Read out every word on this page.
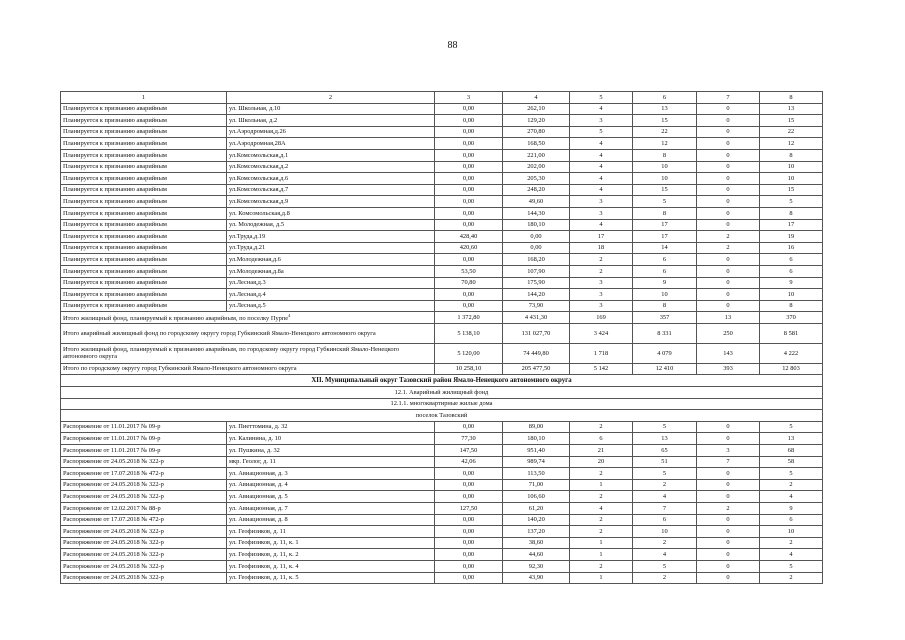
88
1	2	3	4	5	6	7	8
Планируется к признанию аварийным	ул. Школьная, д.10	0,00	262,10	4	13	0	13
Планируется к признанию аварийным	ул. Школьная, д.2	0,00	129,20	3	15	0	15
Планируется к признанию аварийным	ул.Аэродромная,д.26	0,00	270,80	5	22	0	22
Планируется к признанию аварийным	ул.Аэродромная,28А	0,00	168,50	4	12	0	12
Планируется к признанию аварийным	ул.Комсомольская,д.1	0,00	221,00	4	8	0	8
Планируется к признанию аварийным	ул.Комсомольская,д.2	0,00	202,00	4	10	0	10
Планируется к признанию аварийным	ул.Комсомольская,д.6	0,00	205,30	4	10	0	10
Планируется к признанию аварийным	ул.Комсомольская,д.7	0,00	248,20	4	15	0	15
Планируется к признанию аварийным	ул.Комсомольская,д.9	0,00	49,60	3	5	0	5
Планируется к признанию аварийным	ул. Комсомольская,д.8	0,00	144,30	3	8	0	8
Планируется к признанию аварийным	ул. Молодежная, д.5	0,00	180,10	4	17	0	17
Планируется к признанию аварийным	ул.Труда,д.19	428,40	0,00	17	17	2	19
Планируется к признанию аварийным	ул.Труда,д.21	420,60	0,00	18	14	2	16
Планируется к признанию аварийным	ул.Молодежная,д.6	0,00	168,20	2	6	0	6
Планируется к признанию аварийным	ул.Молодежная,д.8а	53,50	107,90	2	6	0	6
Планируется к признанию аварийным	ул.Лесная,д.3	70,80	175,90	3	9	0	9
Планируется к признанию аварийным	ул.Лесная,д.4	0,00	144,20	3	10	0	10
Планируется к признанию аварийным	ул.Лесная,д.5	0,00	73,90	3	8	0	8
Итого жилищный фонд, планируемый к признанию аварийным, по поселку Пурпе$^4$		1 372,80	4 431,30	169	357	13	370
Итого аварийный жилищный фонд по городскому округу город Губкинский Ямало-Ненецкого автономного округа		5 138,10	131 027,70	3 424	8 331	250	8 581
Итого жилищный фонд, планируемый к признанию аварийным, по городскому округу город Губкинский Ямало-Ненецкого автономного округа		5 120,00	74 449,80	1 718	4 079	143	4 222
Итого по городскому округу город Губкинский Ямало-Ненецкого автономного округа		10 258,10	205 477,50	5 142	12 410	393	12 803
XII. Муниципальный округ Тазовский район Ямало-Ненецкого автономного округа							
12.1. Аварийный жилищный фонд							
12.1.1. многоквартирные жилые дома							
поселок Тазовский							
Распоряжение от 11.01.2017 № 09-р	ул. Пиеттомина, д. 32	0,00	89,00	2	5	0	5
Распоряжение от 11.01.2017 № 09-р	ул. Калинина, д. 10	77,30	180,10	6	13	0	13
Распоряжение от 11.01.2017 № 09-р	ул. Пушкина, д. 32	147,50	951,40	21	65	3	68
Распоряжение от 24.05.2018 № 322-р	мкр. Геолог, д. 11	42,06	989,74	20	51	7	58
Распоряжение от 17.07.2018 № 472-р	ул. Авиационная, д. 3	0,00	113,50	2	5	0	5
Распоряжение от 24.05.2018 № 322-р	ул. Авиационная, д. 4	0,00	71,00	1	2	0	2
Распоряжение от 24.05.2018 № 322-р	ул. Авиационная, д. 5	0,00	106,60	2	4	0	4
Распоряжение от 12.02.2017 № 88-р	ул. Авиационная, д. 7	127,50	61,20	4	7	2	9
Распоряжение от 17.07.2018 № 472-р	ул. Авиационная, д. 8	0,00	140,20	2	6	0	6
Распоряжение от 24.05.2018 № 322-р	ул. Геофизиков, д. 11	0,00	137,20	2	10	0	10
Распоряжение от 24.05.2018 № 322-р	ул. Геофизиков, д. 11, к. 1	0,00	38,60	1	2	0	2
Распоряжение от 24.05.2018 № 322-р	ул. Геофизиков, д. 11, к. 2	0,00	44,60	1	4	0	4
Распоряжение от 24.05.2018 № 322-р	ул. Геофизиков, д. 11, к. 4	0,00	92,30	2	5	0	5
Распоряжение от 24.05.2018 № 322-р	ул. Геофизиков, д. 11, к. 5	0,00	43,90	1	2	0	2
